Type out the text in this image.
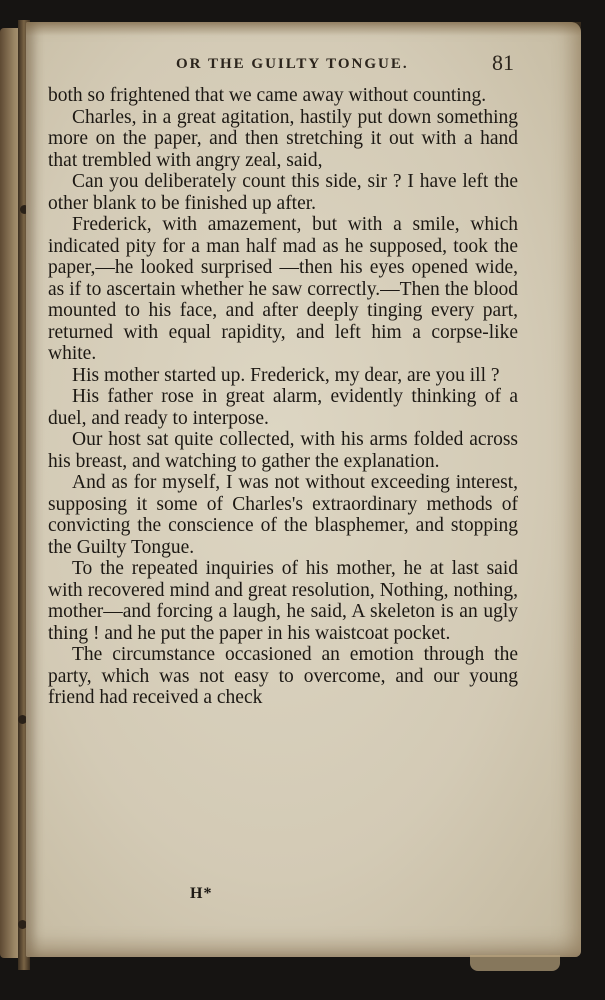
OR THE GUILTY TONGUE.	81

both so frightened that we came away without counting.

Charles, in a great agitation, hastily put down something more on the paper, and then stretching it out with a hand that trembled with angry zeal, said,

Can you deliberately count this side, sir ? I have left the other blank to be finished up after.

Frederick, with amazement, but with a smile, which indicated pity for a man half mad as he supposed, took the paper,—he looked surprised —then his eyes opened wide, as if to ascertain whether he saw correctly.—Then the blood mounted to his face, and after deeply tinging every part, returned with equal rapidity, and left him a corpse-like white.

His mother started up. Frederick, my dear, are you ill ?

His father rose in great alarm, evidently thinking of a duel, and ready to interpose.

Our host sat quite collected, with his arms folded across his breast, and watching to gather the explanation.

And as for myself, I was not without exceeding interest, supposing it some of Charles's extraordinary methods of convicting the conscience of the blasphemer, and stopping the Guilty Tongue.

To the repeated inquiries of his mother, he at last said with recovered mind and great resolution, Nothing, nothing, mother—and forcing a laugh, he said, A skeleton is an ugly thing ! and he put the paper in his waistcoat pocket.

The circumstance occasioned an emotion through the party, which was not easy to overcome, and our young friend had received a check

H*
